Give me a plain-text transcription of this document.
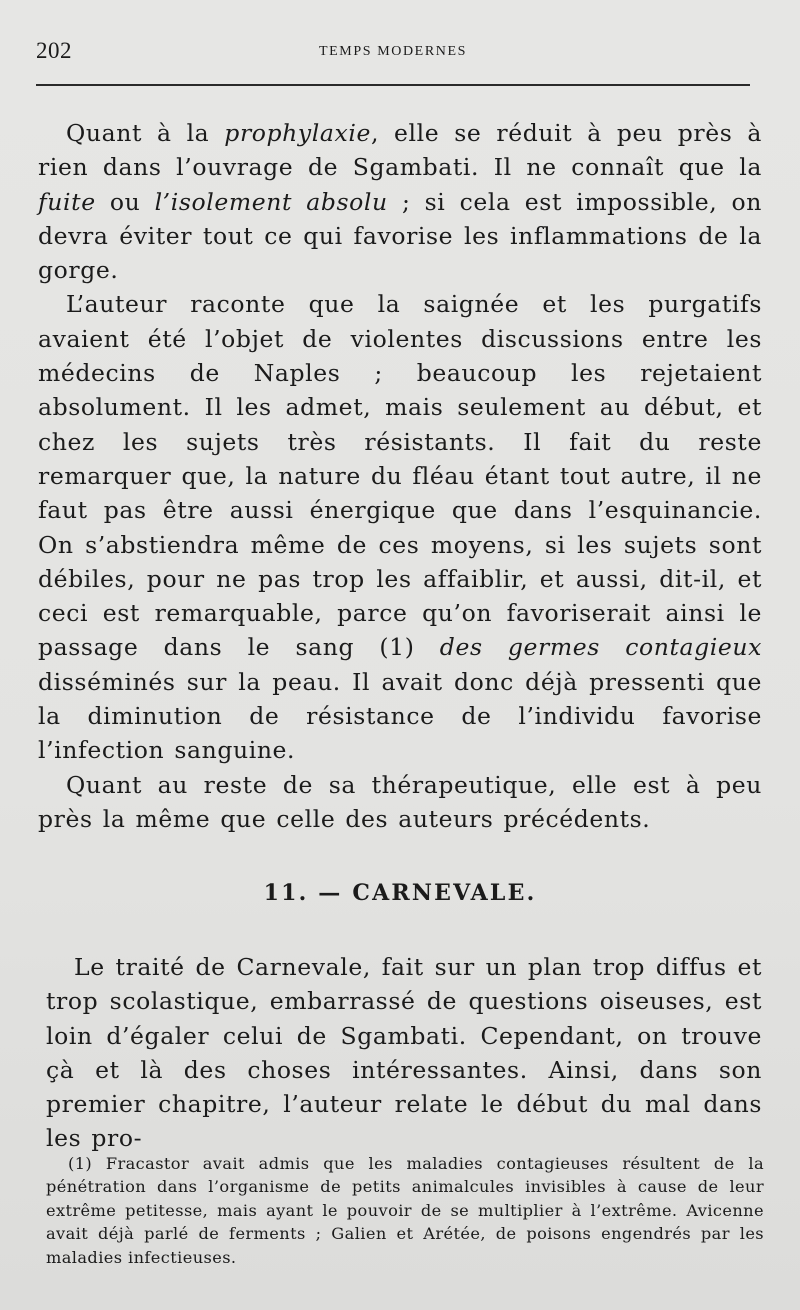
202	TEMPS MODERNES

Quant à la prophylaxie, elle se réduit à peu près à rien dans l’ouvrage de Sgambati. Il ne connaît que la fuite ou l’isolement absolu ; si cela est impossible, on devra éviter tout ce qui favorise les inflammations de la gorge.

L’auteur raconte que la saignée et les purgatifs avaient été l’objet de violentes discussions entre les médecins de Naples ; beaucoup les rejetaient absolument. Il les admet, mais seulement au début, et chez les sujets très résistants. Il fait du reste remarquer que, la nature du fléau étant tout autre, il ne faut pas être aussi énergique que dans l’esquinancie. On s’abstiendra même de ces moyens, si les sujets sont débiles, pour ne pas trop les affaiblir, et aussi, dit-il, et ceci est remarquable, parce qu’on favoriserait ainsi le passage dans le sang (1) des germes contagieux disséminés sur la peau. Il avait donc déjà pressenti que la diminution de résistance de l’individu favorise l’infection sanguine.

Quant au reste de sa thérapeutique, elle est à peu près la même que celle des auteurs précédents.

11. — CARNEVALE.

Le traité de Carnevale, fait sur un plan trop diffus et trop scolastique, embarrassé de questions oiseuses, est loin d’égaler celui de Sgambati. Cependant, on trouve çà et là des choses intéressantes. Ainsi, dans son premier chapitre, l’auteur relate le début du mal dans les pro-

(1) Fracastor avait admis que les maladies contagieuses résultent de la pénétration dans l’organisme de petits animalcules invisibles à cause de leur extrême petitesse, mais ayant le pouvoir de se multiplier à l’extrême. Avicenne avait déjà parlé de ferments ; Galien et Arétée, de poisons engendrés par les maladies infectieuses.
